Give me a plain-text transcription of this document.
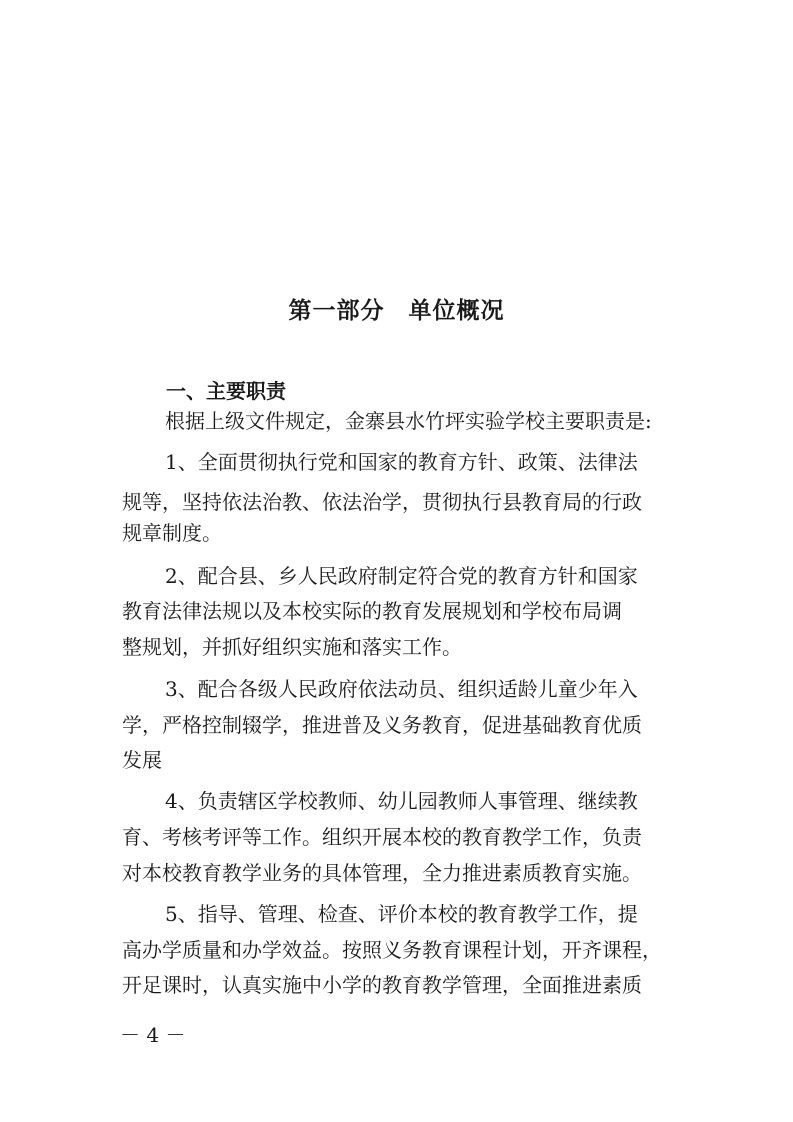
第一部分　单位概况
一、主要职责
根据上级文件规定，金寨县水竹坪实验学校主要职责是:
1、全面贯彻执行党和国家的教育方针、政策、法律法
规等，坚持依法治教、依法治学，贯彻执行县教育局的行政
规章制度。
2、配合县、乡人民政府制定符合党的教育方针和国家
教育法律法规以及本校实际的教育发展规划和学校布局调
整规划，并抓好组织实施和落实工作。
3、配合各级人民政府依法动员、组织适龄儿童少年入
学，严格控制辍学，推进普及义务教育，促进基础教育优质
发展
4、负责辖区学校教师、幼儿园教师人事管理、继续教
育、考核考评等工作。组织开展本校的教育教学工作，负责
对本校教育教学业务的具体管理，全力推进素质教育实施。
5、指导、管理、检查、评价本校的教育教学工作，提
高办学质量和办学效益。按照义务教育课程计划，开齐课程，
开足课时，认真实施中小学的教育教学管理，全面推进素质
－ 4 －
